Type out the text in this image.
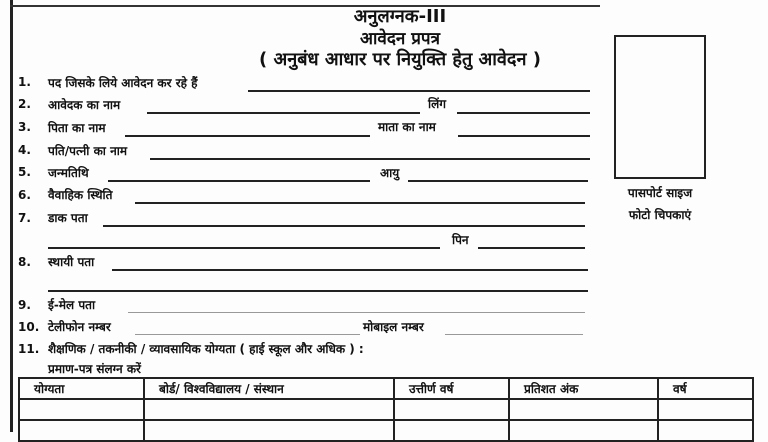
अनुलग्नक-III
आवेदन प्रपत्र
( अनुबंध आधार पर नियुक्ति हेतु आवेदन )
पासपोर्ट साइज
फोटो चिपकाएं
1. पद जिसके लिये आवेदन कर रहे हैं
2. आवेदक का नाम	लिंग
3. पिता का नाम	माता का नाम
4. पति/पत्नी का नाम
5. जन्मतिथि	आयु
6. वैवाहिक स्थिति
7. डाक पता
पिन
8. स्थायी पता
9. ई-मेल पता
10. टेलीफोन नम्बर	मोबाइल नम्बर
11. शैक्षणिक / तकनीकी / व्यावसायिक योग्यता ( हाई स्कूल और अधिक ) :
प्रमाण-पत्र संलग्न करें
योग्यता	बोर्ड/ विश्वविद्यालय / संस्थान	उत्तीर्ण वर्ष	प्रतिशत अंक	वर्ष
